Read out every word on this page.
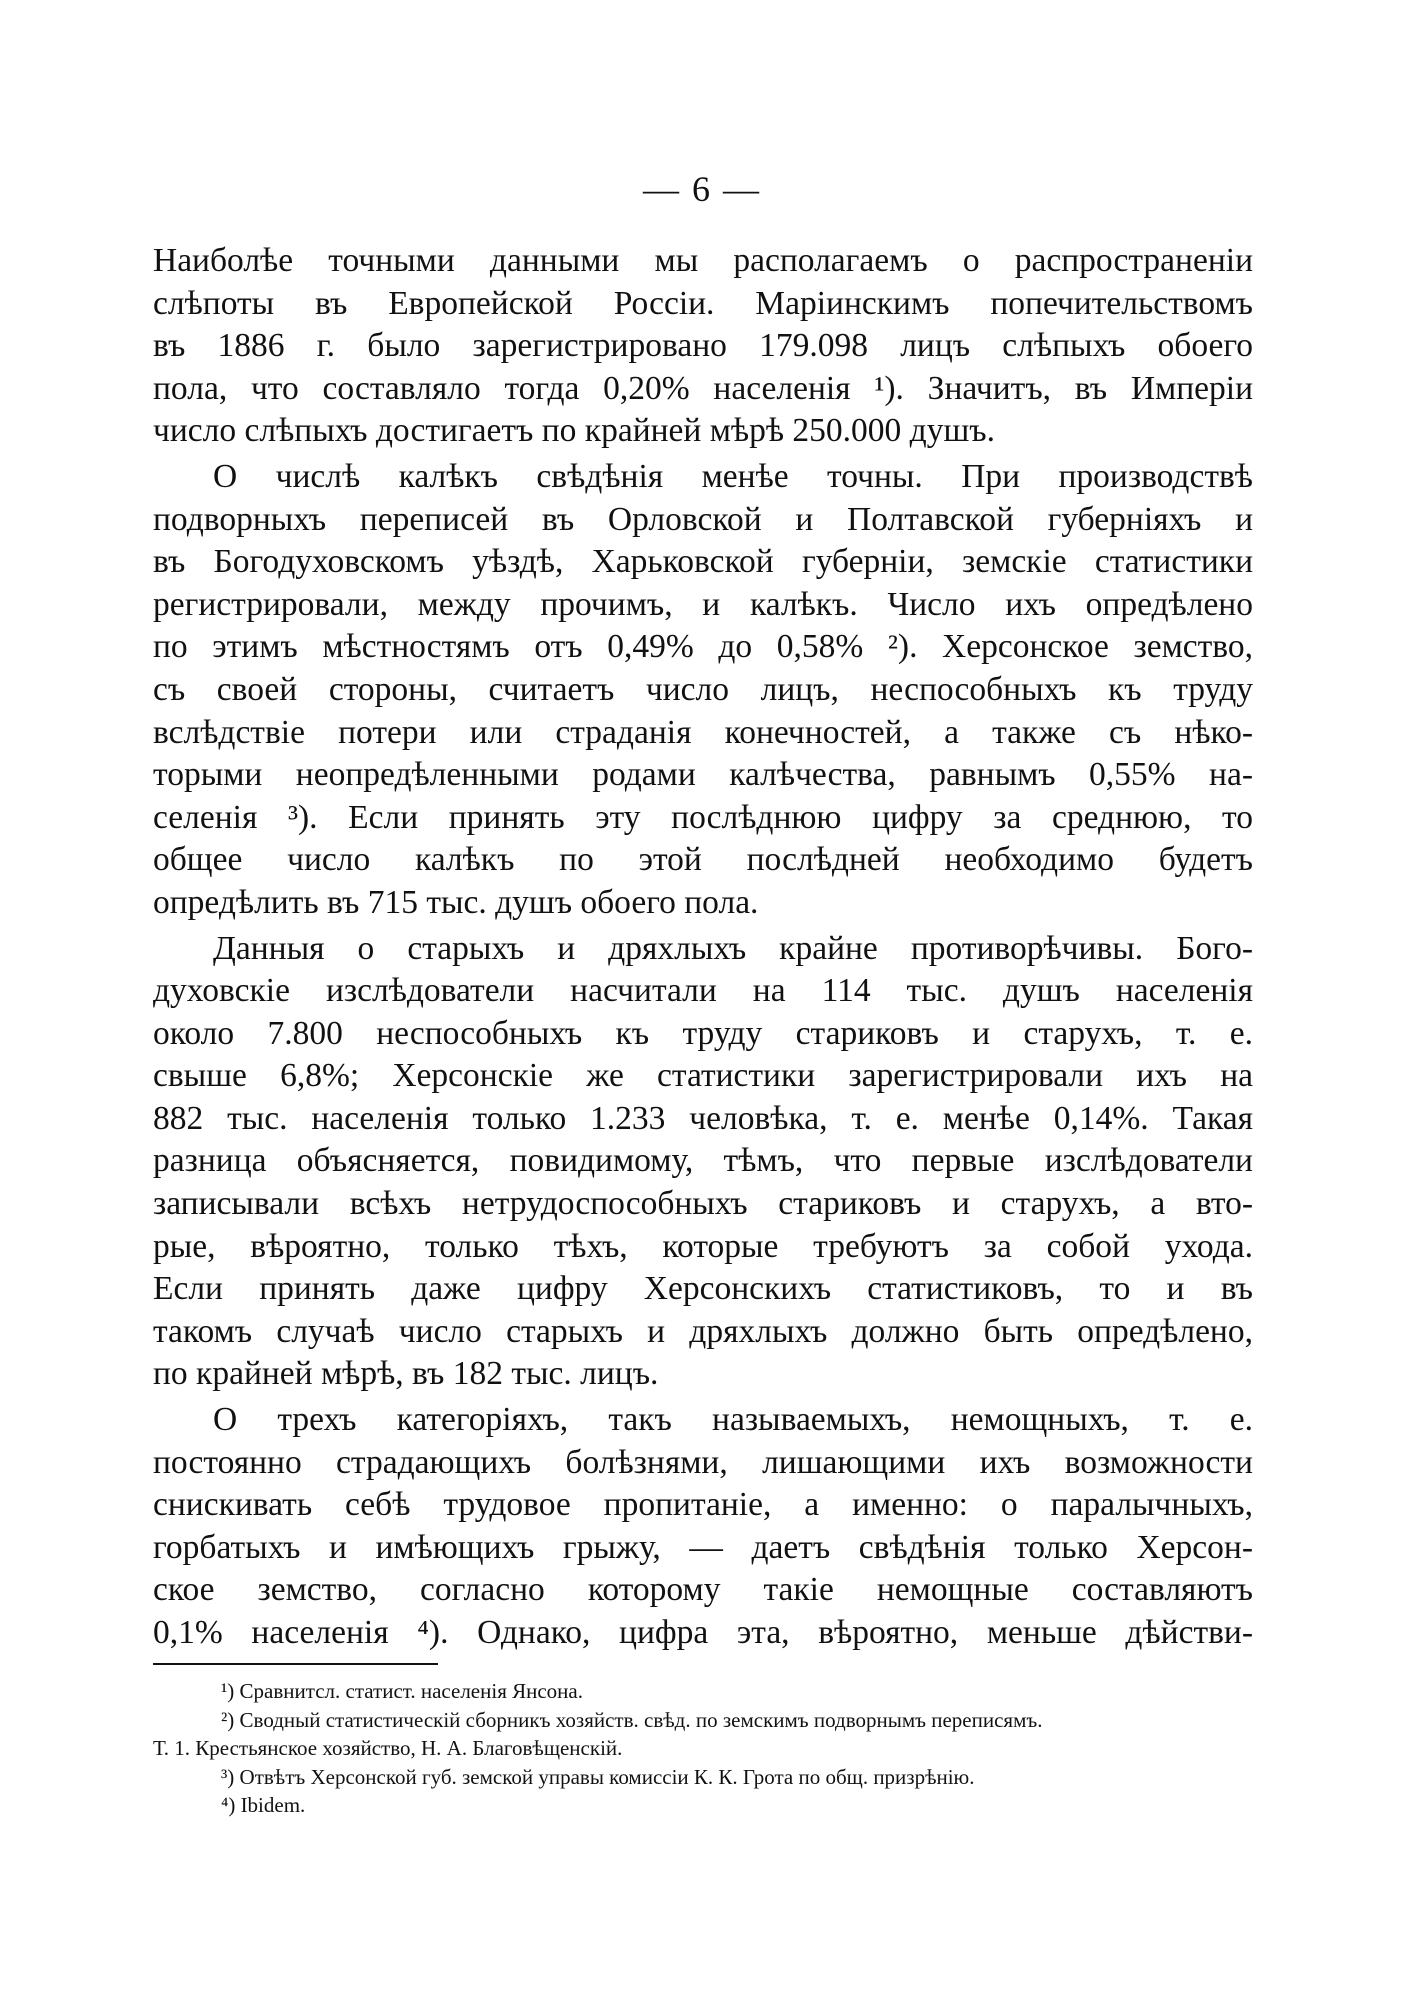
— 6 —
Наиболѣе точными данными мы располагаемъ о распространеніи
слѣпоты въ Европейской Россіи. Маріинскимъ попечительствомъ
въ 1886 г. было зарегистрировано 179.098 лицъ слѣпыхъ обоего
пола, что составляло тогда 0,20% населенія ¹). Значитъ, въ Имперіи
число слѣпыхъ достигаетъ по крайней мѣрѣ 250.000 душъ.
О числѣ калѣкъ свѣдѣнія менѣе точны. При производствѣ
подворныхъ переписей въ Орловской и Полтавской губерніяхъ и
въ Богодуховскомъ уѣздѣ, Харьковской губерніи, земскіе статистики
регистрировали, между прочимъ, и калѣкъ. Число ихъ опредѣлено
по этимъ мѣстностямъ отъ 0,49% до 0,58% ²). Херсонское земство,
съ своей стороны, считаетъ число лицъ, неспособныхъ къ труду
вслѣдствіе потери или страданія конечностей, а также съ нѣко-
торыми неопредѣленными родами калѣчества, равнымъ 0,55% на-
селенія ³). Если принять эту послѣднюю цифру за среднюю, то
общее число калѣкъ по этой послѣдней необходимо будетъ
опредѣлить въ 715 тыс. душъ обоего пола.
Данныя о старыхъ и дряхлыхъ крайне противорѣчивы. Бого-
духовскіе изслѣдователи насчитали на 114 тыс. душъ населенія
около 7.800 неспособныхъ къ труду стариковъ и старухъ, т. е.
свыше 6,8%; Херсонскіе же статистики зарегистрировали ихъ на
882 тыс. населенія только 1.233 человѣка, т. е. менѣе 0,14%. Такая
разница объясняется, повидимому, тѣмъ, что первые изслѣдователи
записывали всѣхъ нетрудоспособныхъ стариковъ и старухъ, а вто-
рые, вѣроятно, только тѣхъ, которые требуютъ за собой ухода.
Если принять даже цифру Херсонскихъ статистиковъ, то и въ
такомъ случаѣ число старыхъ и дряхлыхъ должно быть опредѣлено,
по крайней мѣрѣ, въ 182 тыс. лицъ.
О трехъ категоріяхъ, такъ называемыхъ, немощныхъ, т. е.
постоянно страдающихъ болѣзнями, лишающими ихъ возможности
снискивать себѣ трудовое пропитаніе, а именно: о паралычныхъ,
горбатыхъ и имѣющихъ грыжу, — даетъ свѣдѣнія только Херсон-
ское земство, согласно которому такіе немощные составляютъ
0,1% населенія ⁴). Однако, цифра эта, вѣроятно, меньше дѣйстви-
¹) Сравнитсл. статист. населенія Янсона.
²) Сводный статистическій сборникъ хозяйств. свѣд. по земскимъ подворнымъ переписямъ.
Т. 1. Крестьянское хозяйство, Н. А. Благовѣщенскій.
³) Отвѣтъ Херсонской губ. земской управы комиссіи К. К. Грота по общ. призрѣнію.
⁴) Ibidem.
